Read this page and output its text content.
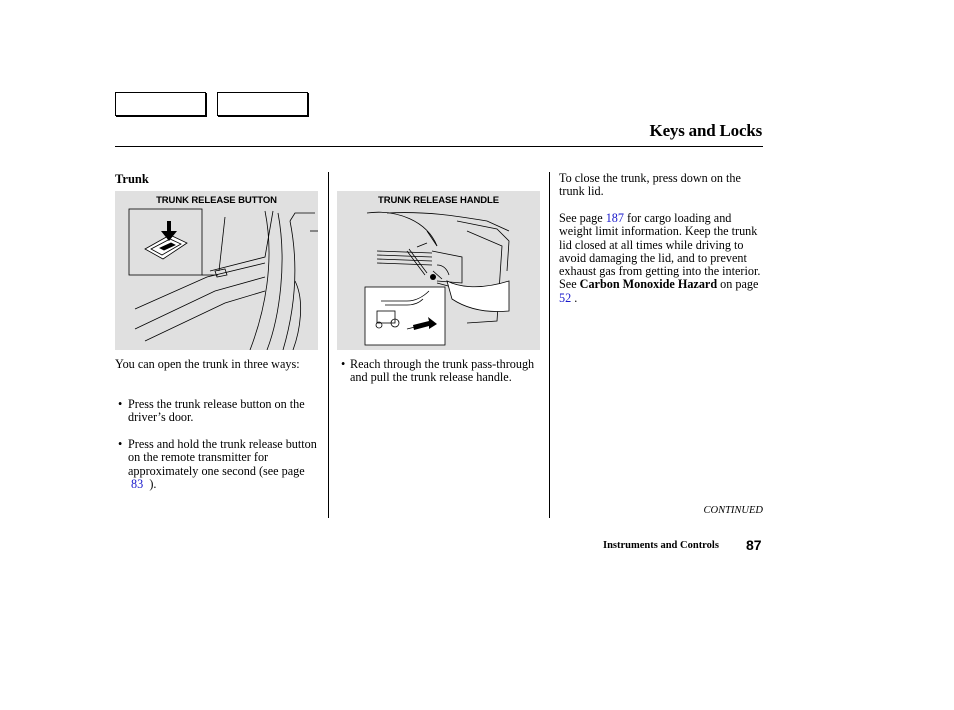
Keys and Locks
Trunk
TRUNK RELEASE BUTTON
You can open the trunk in three ways:
• Press the trunk release button on the driver’s door.
• Press and hold the trunk release button on the remote transmitter for approximately one second (see page  83 ).
TRUNK RELEASE HANDLE
• Reach through the trunk pass-through and pull the trunk release handle.
To close the trunk, press down on the trunk lid.
See page 187 for cargo loading and weight limit information. Keep the trunk lid closed at all times while driving to avoid damaging the lid, and to prevent exhaust gas from getting into the interior. See Carbon Monoxide Hazard on page 52 .
CONTINUED
Instruments and Controls 87
